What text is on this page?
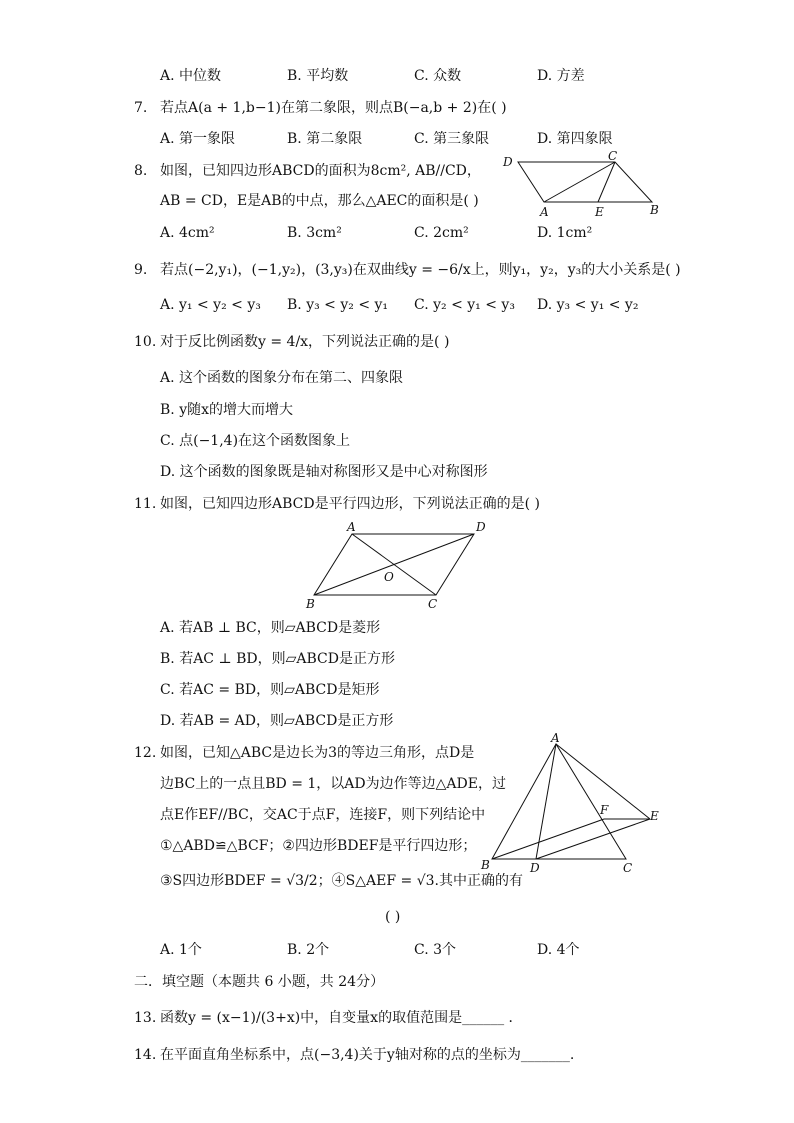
A. 中位数	B. 平均数	C. 众数	D. 方差
7. 若点A(a + 1,b−1)在第二象限，则点B(−a,b + 2)在( )
A. 第一象限	B. 第二象限	C. 第三象限	D. 第四象限
8. 如图，已知四边形ABCD的面积为8cm², AB//CD，
AB = CD，E是AB的中点，那么△AEC的面积是( )
D	C
A	E	B
A. 4cm²	B. 3cm²	C. 2cm²	D. 1cm²
9. 若点(−2,y₁)，(−1,y₂)，(3,y₃)在双曲线y = −6/x上，则y₁，y₂，y₃的大小关系是( )
A. y₁ < y₂ < y₃ B. y₃ < y₂ < y₁ C. y₂ < y₁ < y₃ D. y₃ < y₁ < y₂
10. 对于反比例函数y = 4/x，下列说法正确的是( )
A. 这个函数的图象分布在第二、四象限
B. y随x的增大而增大
C. 点(−1,4)在这个函数图象上
D. 这个函数的图象既是轴对称图形又是中心对称图形
11. 如图，已知四边形ABCD是平行四边形，下列说法正确的是( )
A	D
O
B	C
A. 若AB ⊥ BC，则▱ABCD是菱形
B. 若AC ⊥ BD，则▱ABCD是正方形
C. 若AC = BD，则▱ABCD是矩形
D. 若AB = AD，则▱ABCD是正方形
12. 如图，已知△ABC是边长为3的等边三角形，点D是
边BC上的一点且BD = 1，以AD为边作等边△ADE，过
点E作EF//BC，交AC于点F，连接F，则下列结论中
①△ABD≌△BCF；②四边形BDEF是平行四边形；
③S四边形BDEF = √3/2；④S△AEF = √3.其中正确的有
( )
A
F	E
B	D	C
A. 1个	B. 2个	C. 3个	D. 4个
二．填空题（本题共 6 小题，共 24分）
13. 函数y = (x−1)/(3+x)中，自变量x的取值范围是______ ．
14. 在平面直角坐标系中，点(−3,4)关于y轴对称的点的坐标为_______.
